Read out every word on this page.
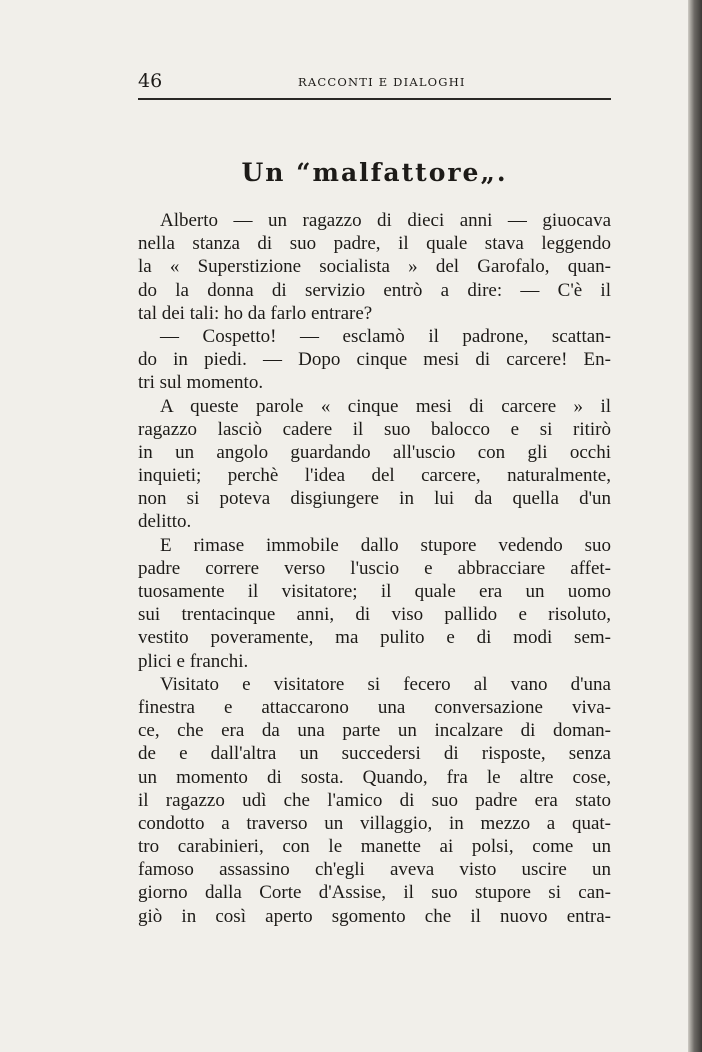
46	RACCONTI E DIALOGHI
Un “malfattore„.
Alberto — un ragazzo di dieci anni — giuocava
nella stanza di suo padre, il quale stava leggendo
la « Superstizione socialista » del Garofalo, quan-
do la donna di servizio entrò a dire: — C'è il
tal dei tali: ho da farlo entrare?
— Cospetto! — esclamò il padrone, scattan-
do in piedi. — Dopo cinque mesi di carcere! En-
tri sul momento.
A queste parole « cinque mesi di carcere » il
ragazzo lasciò cadere il suo balocco e si ritirò
in un angolo guardando all'uscio con gli occhi
inquieti; perchè l'idea del carcere, naturalmente,
non si poteva disgiungere in lui da quella d'un
delitto.
E rimase immobile dallo stupore vedendo suo
padre correre verso l'uscio e abbracciare affet-
tuosamente il visitatore; il quale era un uomo
sui trentacinque anni, di viso pallido e risoluto,
vestito poveramente, ma pulito e di modi sem-
plici e franchi.
Visitato e visitatore si fecero al vano d'una
finestra e attaccarono una conversazione viva-
ce, che era da una parte un incalzare di doman-
de e dall'altra un succedersi di risposte, senza
un momento di sosta. Quando, fra le altre cose,
il ragazzo udì che l'amico di suo padre era stato
condotto a traverso un villaggio, in mezzo a quat-
tro carabinieri, con le manette ai polsi, come un
famoso assassino ch'egli aveva visto uscire un
giorno dalla Corte d'Assise, il suo stupore si can-
giò in così aperto sgomento che il nuovo entra-
